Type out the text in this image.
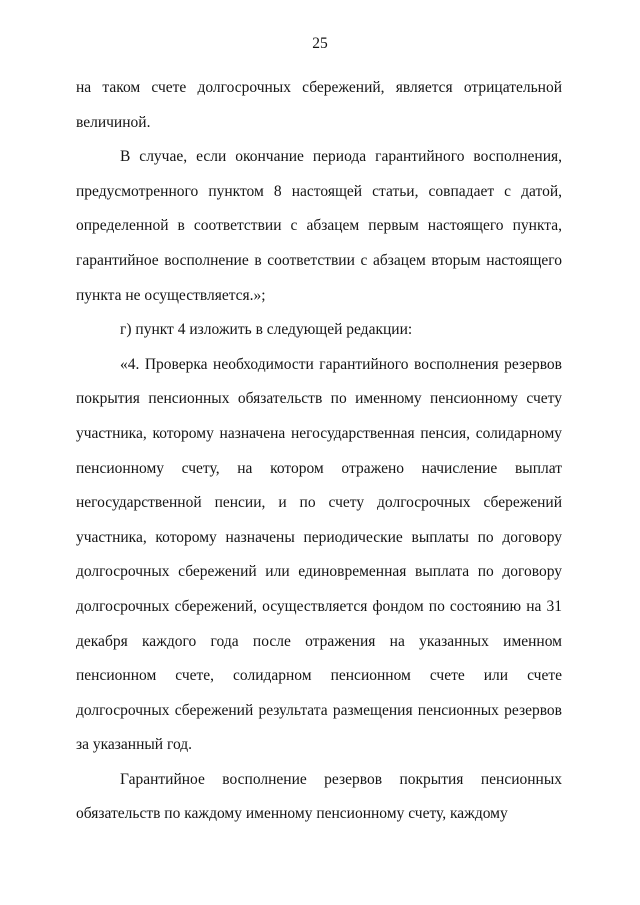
25

на таком счете долгосрочных сбережений, является отрицательной величиной.

В случае, если окончание периода гарантийного восполнения, предусмотренного пунктом 8 настоящей статьи, совпадает с датой, определенной в соответствии с абзацем первым настоящего пункта, гарантийное восполнение в соответствии с абзацем вторым настоящего пункта не осуществляется.»;

г) пункт 4 изложить в следующей редакции:

«4. Проверка необходимости гарантийного восполнения резервов покрытия пенсионных обязательств по именному пенсионному счету участника, которому назначена негосударственная пенсия, солидарному пенсионному счету, на котором отражено начисление выплат негосударственной пенсии, и по счету долгосрочных сбережений участника, которому назначены периодические выплаты по договору долгосрочных сбережений или единовременная выплата по договору долгосрочных сбережений, осуществляется фондом по состоянию на 31 декабря каждого года после отражения на указанных именном пенсионном счете, солидарном пенсионном счете или счете долгосрочных сбережений результата размещения пенсионных резервов за указанный год.

Гарантийное восполнение резервов покрытия пенсионных обязательств по каждому именному пенсионному счету, каждому
